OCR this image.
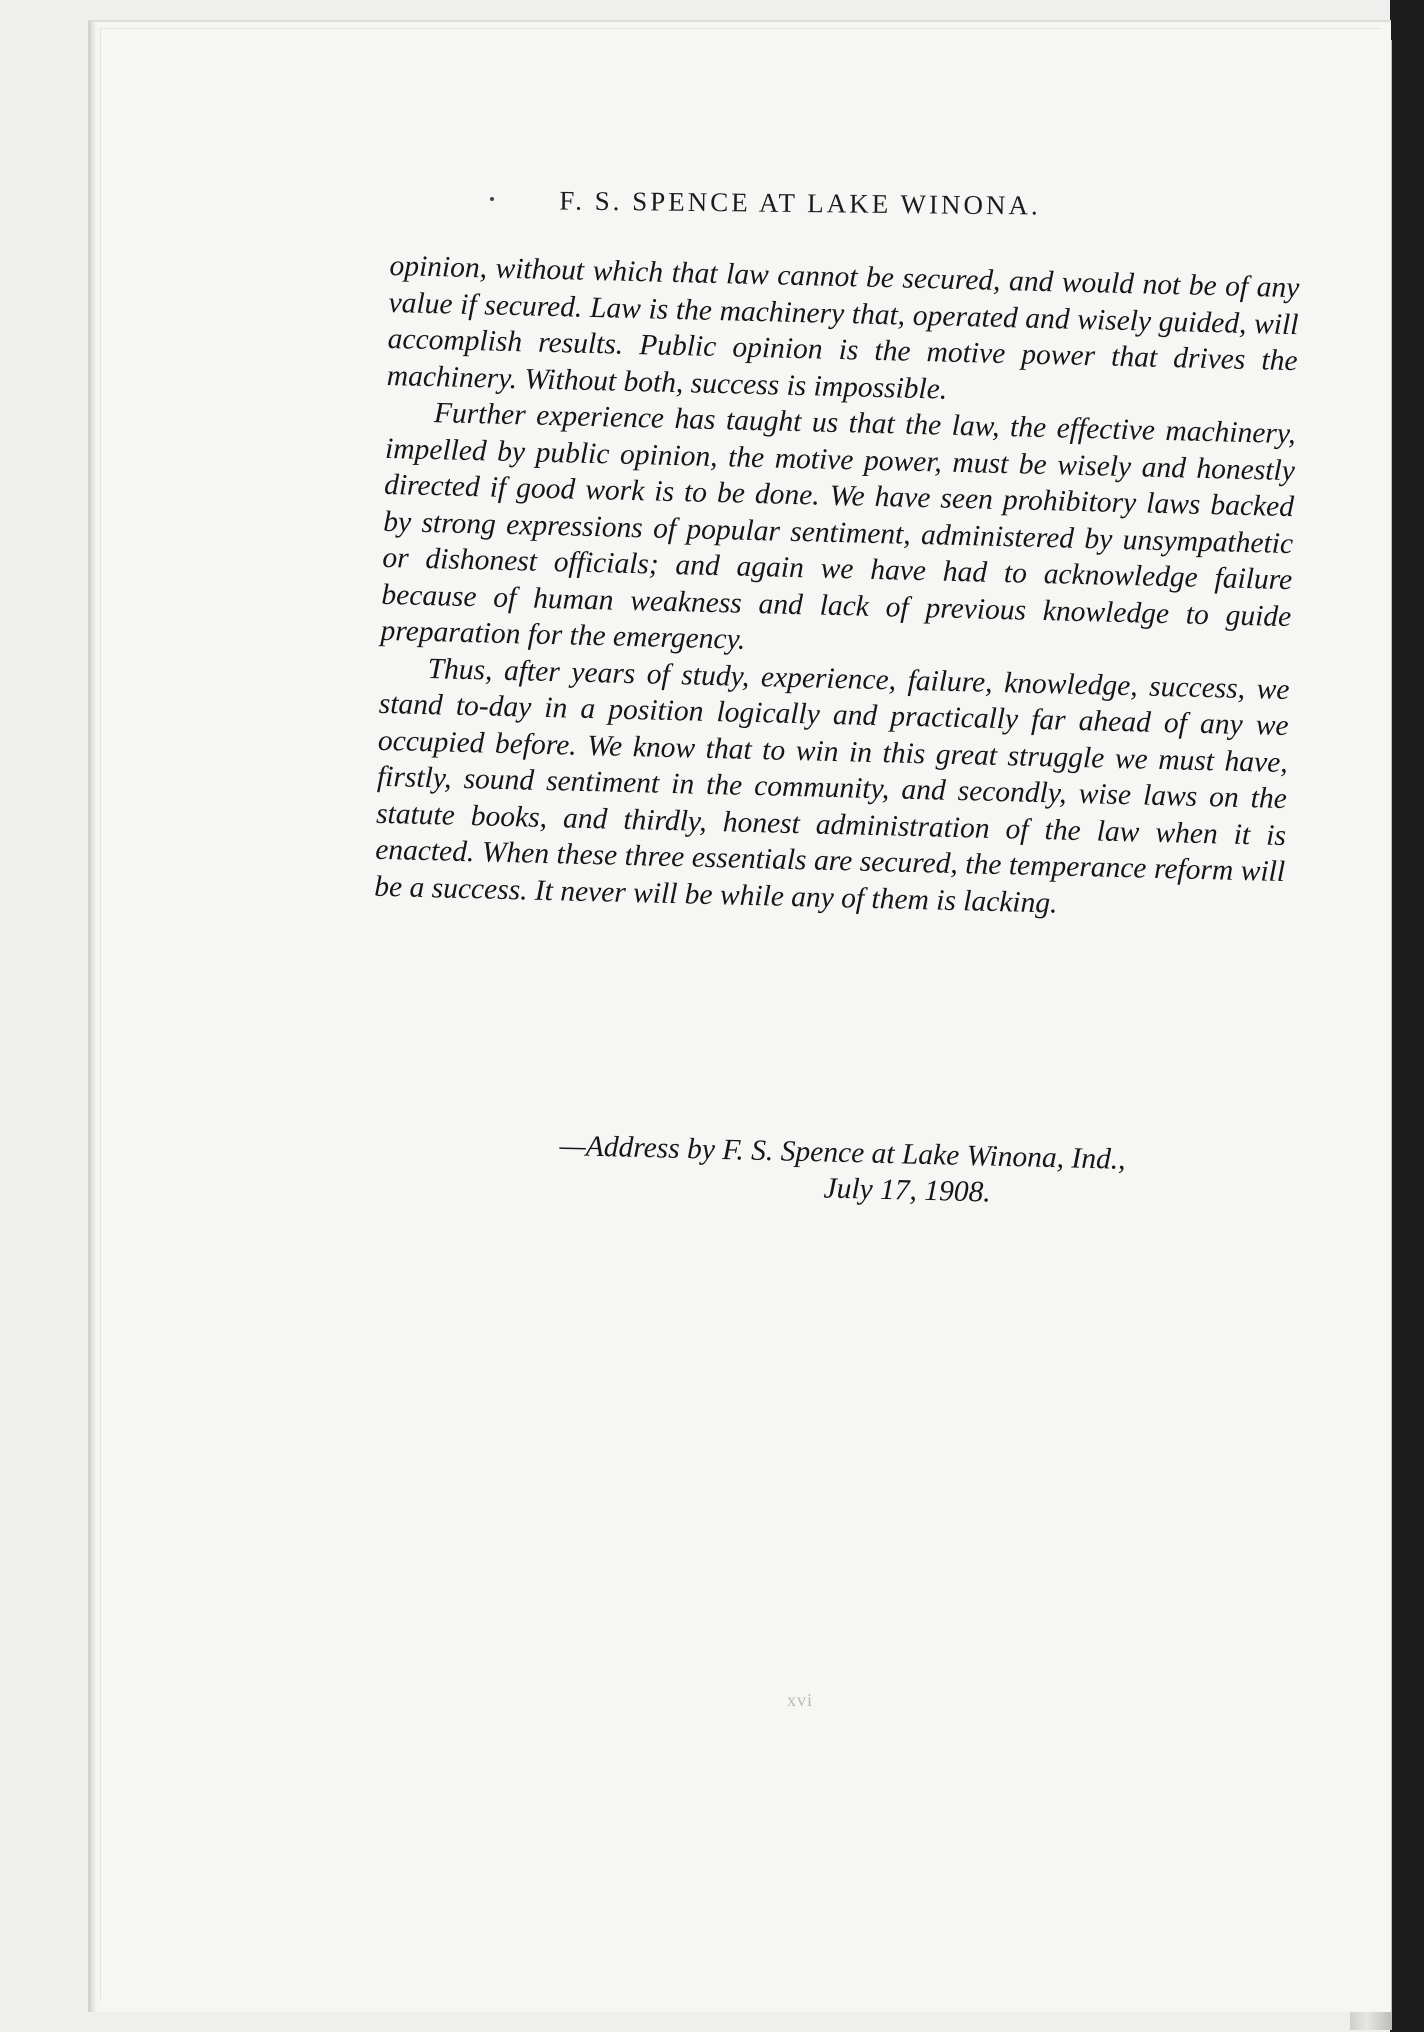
F. S. SPENCE AT LAKE WINONA.

opinion, without which that law cannot be secured, and would not be of any value if secured. Law is the machinery that, operated and wisely guided, will accomplish results. Public opinion is the motive power that drives the machinery. Without both, success is impossible.

Further experience has taught us that the law, the effective machinery, impelled by public opinion, the motive power, must be wisely and honestly directed if good work is to be done. We have seen prohibitory laws backed by strong expressions of popular sentiment, administered by unsympathetic or dishonest officials; and again we have had to acknowledge failure because of human weakness and lack of previous knowledge to guide preparation for the emergency.

Thus, after years of study, experience, failure, knowledge, success, we stand to-day in a position logically and practically far ahead of any we occupied before. We know that to win in this great struggle we must have, firstly, sound sentiment in the community, and secondly, wise laws on the statute books, and thirdly, honest administration of the law when it is enacted. When these three essentials are secured, the temperance reform will be a success. It never will be while any of them is lacking.

—Address by F. S. Spence at Lake Winona, Ind.,
July 17, 1908.
xvi
